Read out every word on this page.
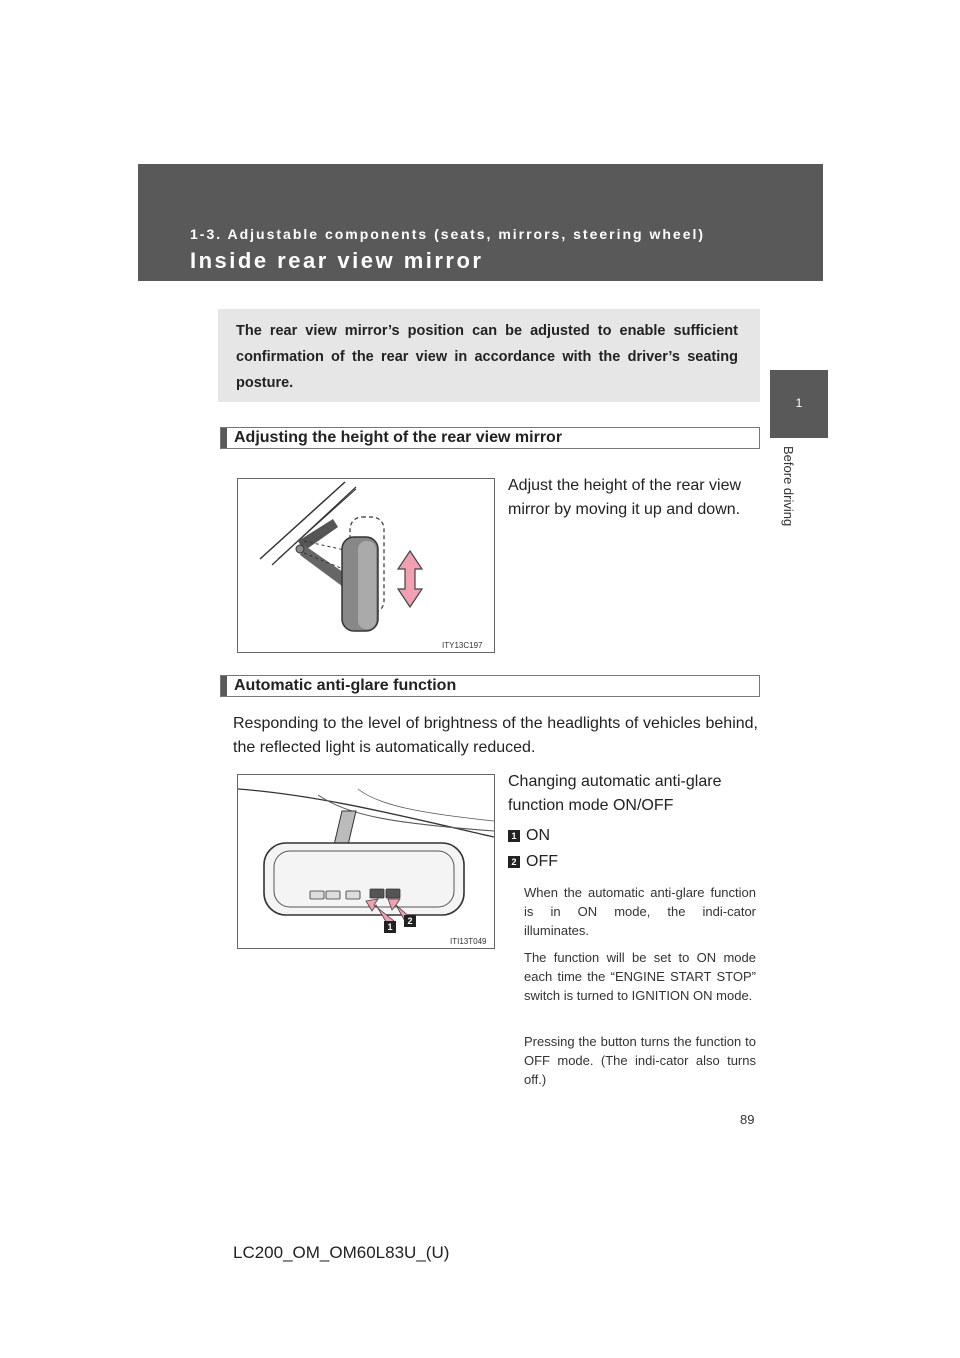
1-3. Adjustable components (seats, mirrors, steering wheel)
Inside rear view mirror
1
Before driving
The rear view mirror’s position can be adjusted to enable sufficient confirmation of the rear view in accordance with the driver’s seating posture.
Adjusting the height of the rear view mirror
ITY13C197
Adjust the height of the rear view mirror by moving it up and down.
Automatic anti-glare function
Responding to the level of brightness of the headlights of vehicles behind, the reflected light is automatically reduced.
1
2
ITI13T049
Changing automatic anti-glare function mode ON/OFF
1 ON
2 OFF
When the automatic anti-glare function is in ON mode, the indi-cator illuminates.
The function will be set to ON mode each time the “ENGINE START STOP” switch is turned to IGNITION ON mode.
Pressing the button turns the function to OFF mode. (The indi-cator also turns off.)
89
LC200_OM_OM60L83U_(U)
